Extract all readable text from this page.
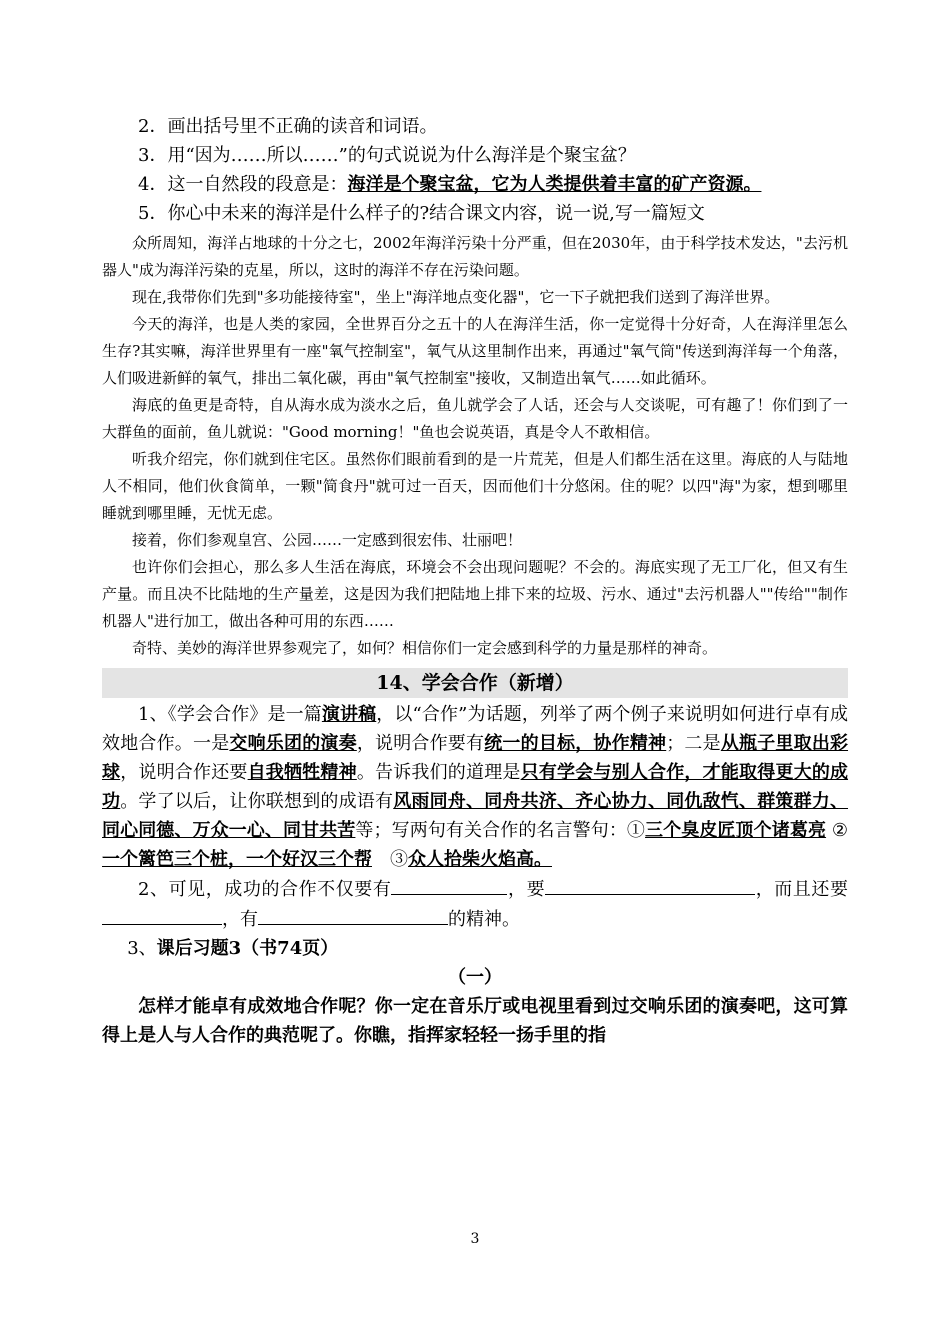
2．画出括号里不正确的读音和词语。

3．用“因为……所以……”的句式说说为什么海洋是个聚宝盆？

4．这一自然段的段意是：海洋是个聚宝盆，它为人类提供着丰富的矿产资源。

5．你心中未来的海洋是什么样子的?结合课文内容，说一说,写一篇短文

众所周知，海洋占地球的十分之七，2002年海洋污染十分严重，但在2030年，由于科学技术发达，"去污机器人"成为海洋污染的克星，所以，这时的海洋不存在污染问题。

现在,我带你们先到"多功能接待室"，坐上"海洋地点变化器"，它一下子就把我们送到了海洋世界。

今天的海洋，也是人类的家园，全世界百分之五十的人在海洋生活，你一定觉得十分好奇，人在海洋里怎么生存?其实嘛，海洋世界里有一座"氧气控制室"，氧气从这里制作出来，再通过"氧气筒"传送到海洋每一个角落，人们吸进新鲜的氧气，排出二氧化碳，再由"氧气控制室"接收，又制造出氧气……如此循环。

海底的鱼更是奇特，自从海水成为淡水之后，鱼儿就学会了人话，还会与人交谈呢，可有趣了！你们到了一大群鱼的面前，鱼儿就说："Good morning！"鱼也会说英语，真是令人不敢相信。

听我介绍完，你们就到住宅区。虽然你们眼前看到的是一片荒芜，但是人们都生活在这里。海底的人与陆地人不相同，他们伙食简单，一颗"简食丹"就可过一百天，因而他们十分悠闲。住的呢？以四"海"为家，想到哪里睡就到哪里睡，无忧无虑。

接着，你们参观皇宫、公园……一定感到很宏伟、壮丽吧！

也许你们会担心，那么多人生活在海底，环境会不会出现问题呢？不会的。海底实现了无工厂化，但又有生产量。而且决不比陆地的生产量差，这是因为我们把陆地上排下来的垃圾、污水、通过"去污机器人""传给""制作机器人"进行加工，做出各种可用的东西……

奇特、美妙的海洋世界参观完了，如何？相信你们一定会感到科学的力量是那样的神奇。

14、学会合作（新增）

1、《学会合作》是一篇演讲稿，以“合作”为话题，列举了两个例子来说明如何进行卓有成效地合作。一是交响乐团的演奏，说明合作要有统一的目标，协作精神；二是从瓶子里取出彩球，说明合作还要自我牺牲精神。告诉我们的道理是只有学会与别人合作，才能取得更大的成功。学了以后，让你联想到的成语有风雨同舟、同舟共济、齐心协力、同仇敌忾、群策群力、同心同德、万众一心、同甘共苦等；写两句有关合作的名言警句：①三个臭皮匠顶个诸葛亮 ②一个篱笆三个桩，一个好汉三个帮　③众人拾柴火焰高。

2、可见，成功的合作不仅要有	，要	，而且还要，有	的精神。

3、课后习题3（书74页）

（一）

怎样才能卓有成效地合作呢？你一定在音乐厅或电视里看到过交响乐团的演奏吧，这可算得上是人与人合作的典范呢了。你瞧，指挥家轻轻一扬手里的指

3
